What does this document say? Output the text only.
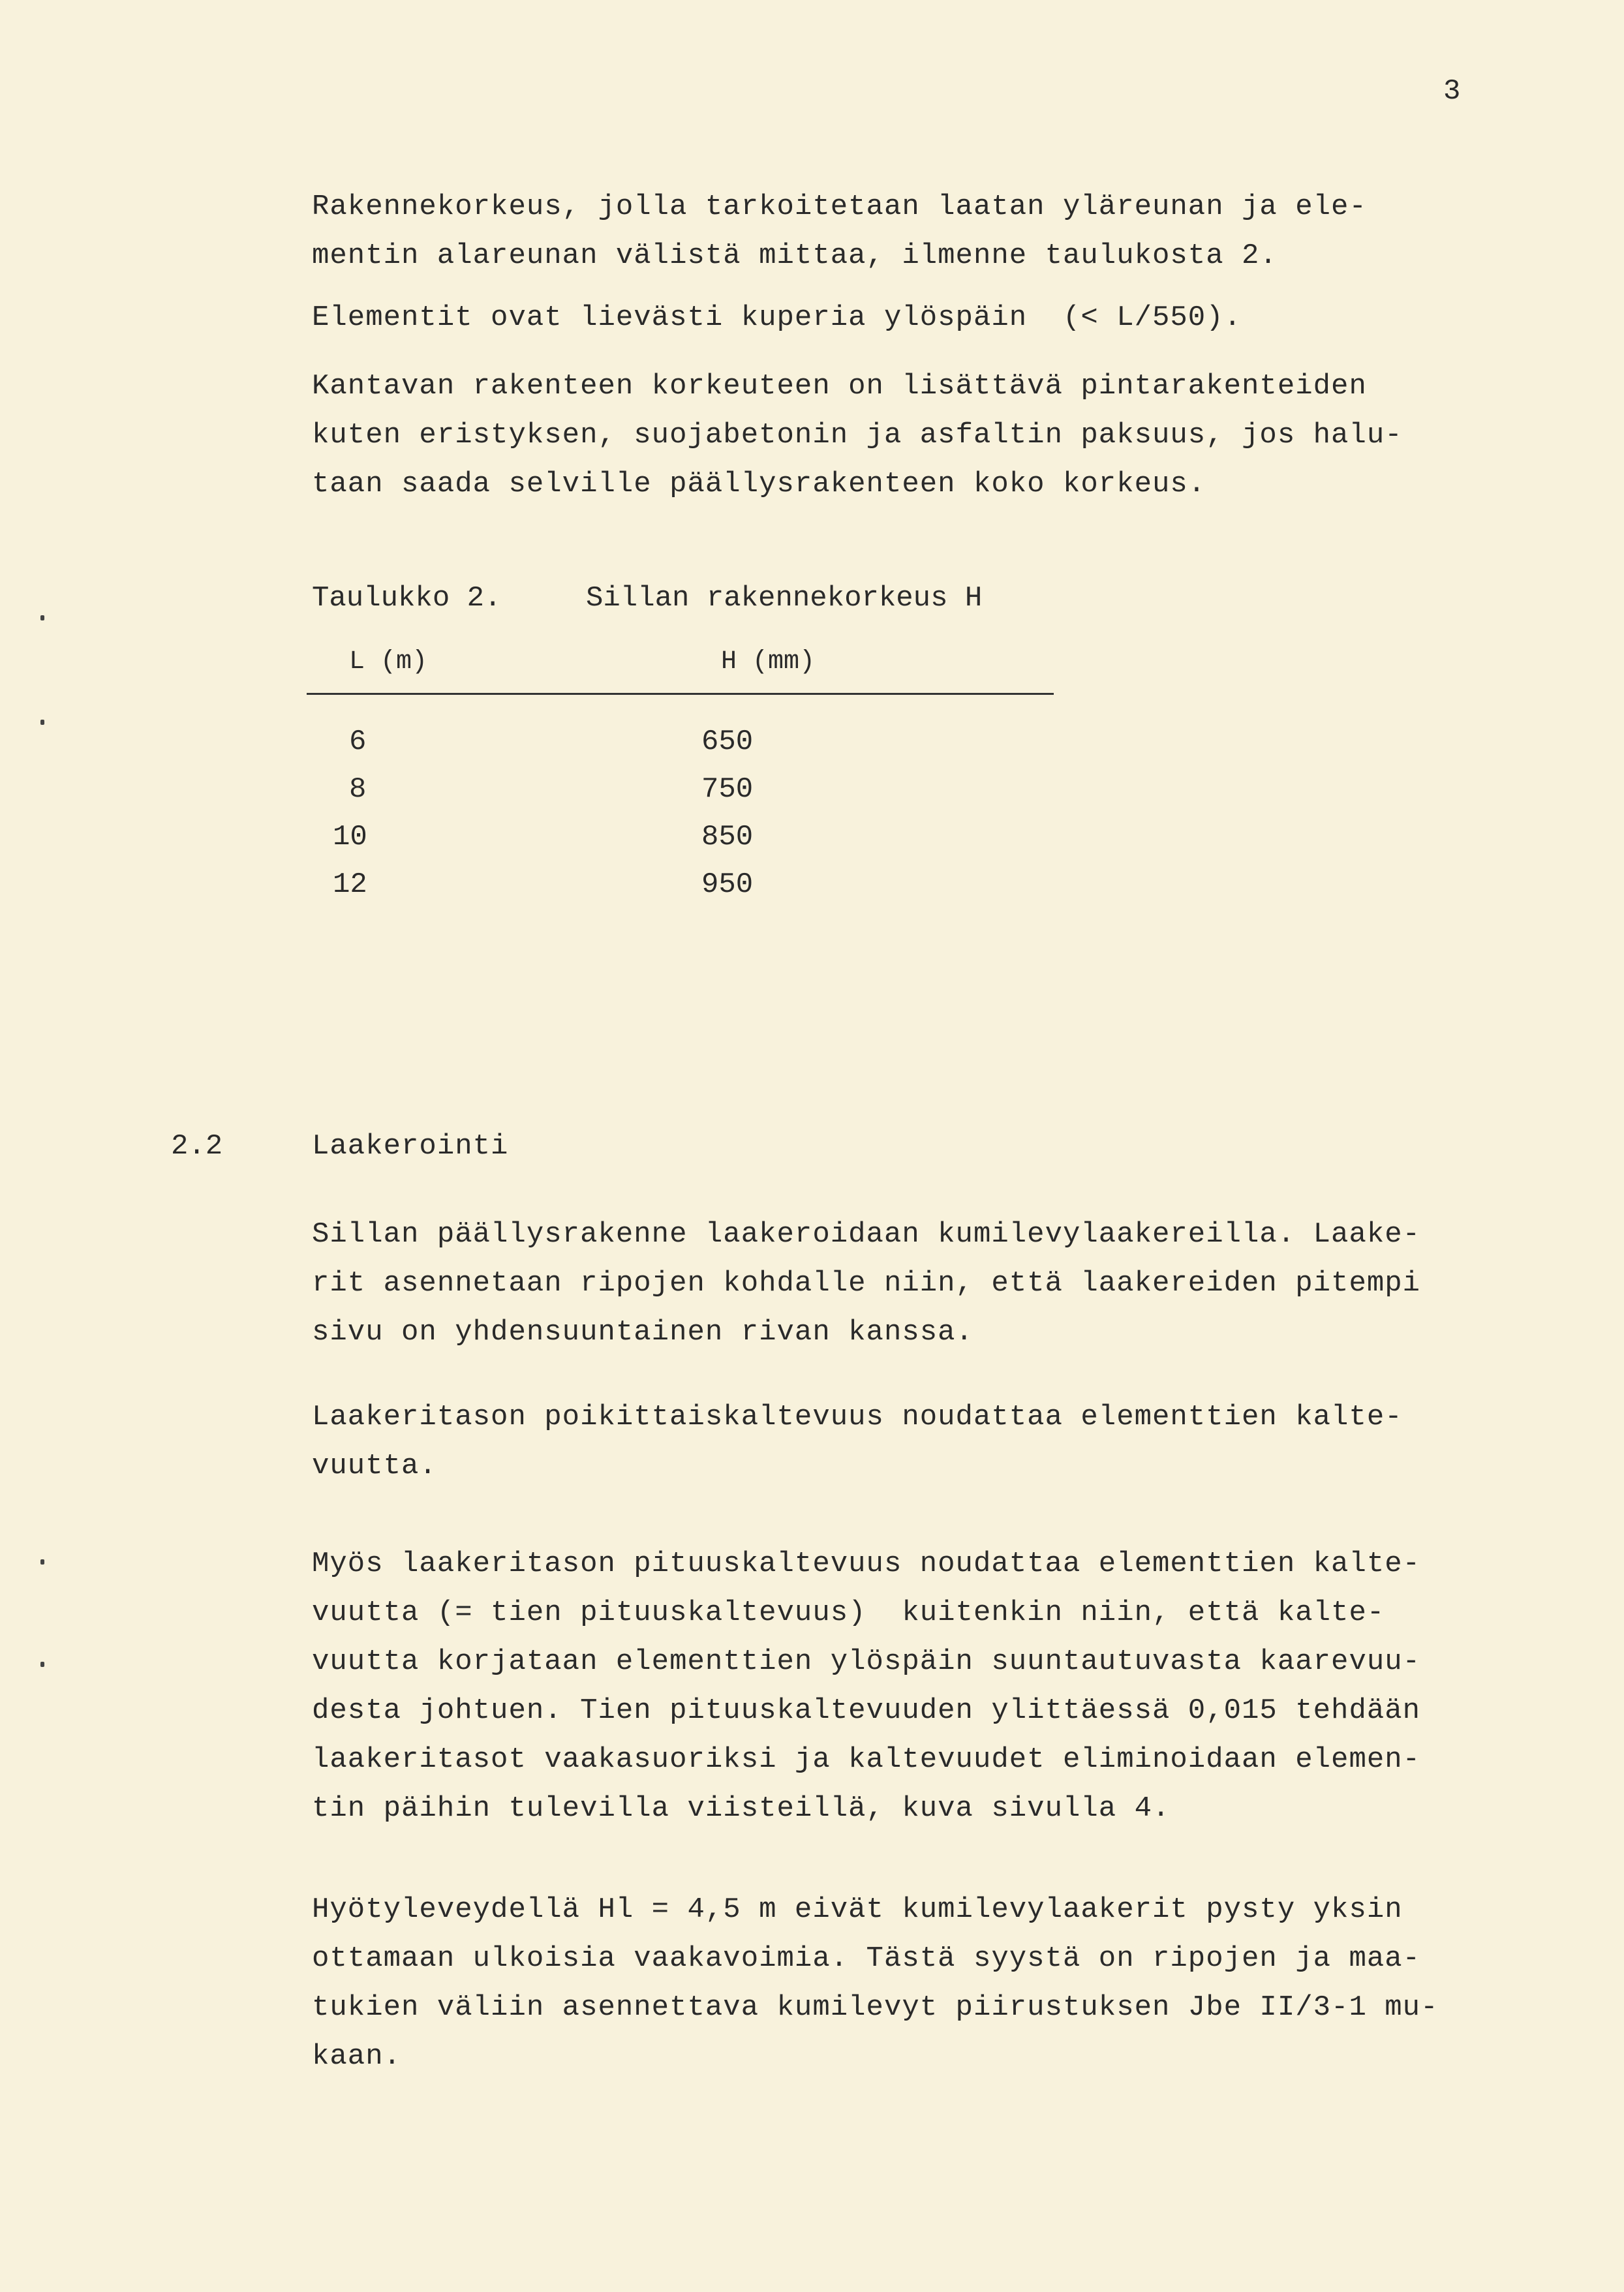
3
Rakennekorkeus, jolla tarkoitetaan laatan yläreunan ja ele-
mentin alareunan välistä mittaa, ilmenne taulukosta 2.
Elementit ovat lievästi kuperia ylöspäin  (< L/550).
Kantavan rakenteen korkeuteen on lisättävä pintarakenteiden
kuten eristyksen, suojabetonin ja asfaltin paksuus, jos halu-
taan saada selville päällysrakenteen koko korkeus.
Taulukko 2.	Sillan rakennekorkeus H
L (m)	H (mm)
6	650
8	750
10	850
12	950
2.2	Laakerointi
Sillan päällysrakenne laakeroidaan kumilevylaakereilla. Laake-
rit asennetaan ripojen kohdalle niin, että laakereiden pitempi
sivu on yhdensuuntainen rivan kanssa.
Laakeritason poikittaiskaltevuus noudattaa elementtien kalte-
vuutta.
Myös laakeritason pituuskaltevuus noudattaa elementtien kalte-
vuutta (= tien pituuskaltevuus)  kuitenkin niin, että kalte-
vuutta korjataan elementtien ylöspäin suuntautuvasta kaarevuu-
desta johtuen. Tien pituuskaltevuuden ylittäessä 0,015 tehdään
laakeritasot vaakasuoriksi ja kaltevuudet eliminoidaan elemen-
tin päihin tulevilla viisteillä, kuva sivulla 4.
Hyötyleveydellä Hl = 4,5 m eivät kumilevylaakerit pysty yksin
ottamaan ulkoisia vaakavoimia. Tästä syystä on ripojen ja maa-
tukien väliin asennettava kumilevyt piirustuksen Jbe II/3-1 mu-
kaan.
